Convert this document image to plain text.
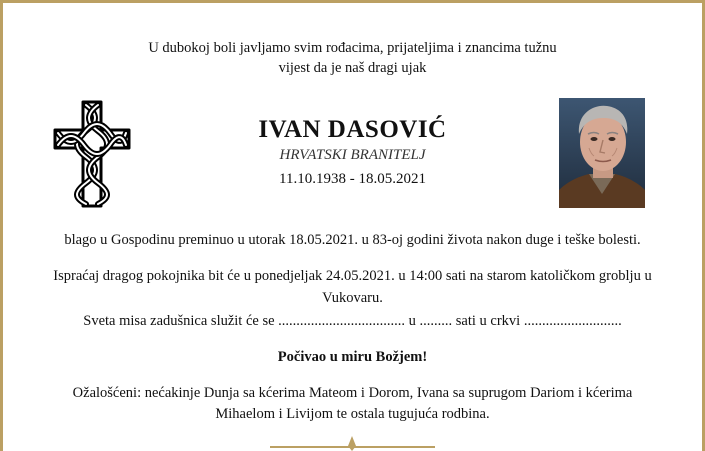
U dubokoj boli javljamo svim rođacima, prijateljima i znancima tužnu
vijest da je naš dragi ujak
IVAN DASOVIĆ
HRVATSKI BRANITELJ
11.10.1938 - 18.05.2021
blago u Gospodinu preminuo u utorak 18.05.2021. u 83-oj godini života nakon duge i teške bolesti.
Ispraćaj dragog pokojnika bit će u ponedjeljak 24.05.2021. u 14:00 sati na starom katoličkom groblju u
Vukovaru.
Sveta misa zadušnica služit će se ................................... u ......... sati u crkvi ...........................
Počivao u miru Božjem!
Ožalošćeni: nećakinje Dunja sa kćerima Mateom i Dorom, Ivana sa suprugom Dariom i kćerima
Mihaelom i Livijom te ostala tugujuća rodbina.
